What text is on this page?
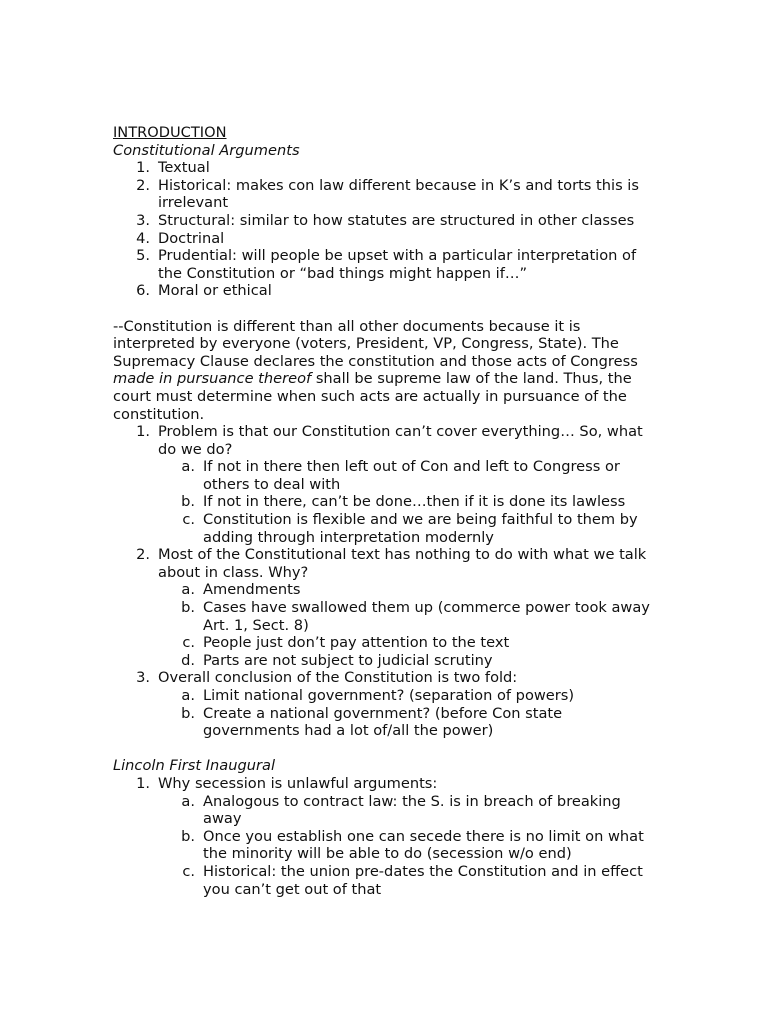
INTRODUCTION
Constitutional Arguments
1. Textual
2. Historical: makes con law different because in K’s and torts this is irrelevant
3. Structural: similar to how statutes are structured in other classes
4. Doctrinal
5. Prudential: will people be upset with a particular interpretation of the Constitution or “bad things might happen if…”
6. Moral or ethical
--Constitution is different than all other documents because it is interpreted by everyone (voters, President, VP, Congress, State). The Supremacy Clause declares the constitution and those acts of Congress made in pursuance thereof shall be supreme law of the land. Thus, the court must determine when such acts are actually in pursuance of the constitution.
1. Problem is that our Constitution can’t cover everything… So, what do we do?
a. If not in there then left out of Con and left to Congress or others to deal with
b. If not in there, can’t be done…then if it is done its lawless
c. Constitution is flexible and we are being faithful to them by adding through interpretation modernly
2. Most of the Constitutional text has nothing to do with what we talk about in class. Why?
a. Amendments
b. Cases have swallowed them up (commerce power took away Art. 1, Sect. 8)
c. People just don’t pay attention to the text
d. Parts are not subject to judicial scrutiny
3. Overall conclusion of the Constitution is two fold:
a. Limit national government? (separation of powers)
b. Create a national government? (before Con state governments had a lot of/all the power)
Lincoln First Inaugural
1. Why secession is unlawful arguments:
a. Analogous to contract law: the S. is in breach of breaking away
b. Once you establish one can secede there is no limit on what the minority will be able to do (secession w/o end)
c. Historical: the union pre-dates the Constitution and in effect you can’t get out of that
